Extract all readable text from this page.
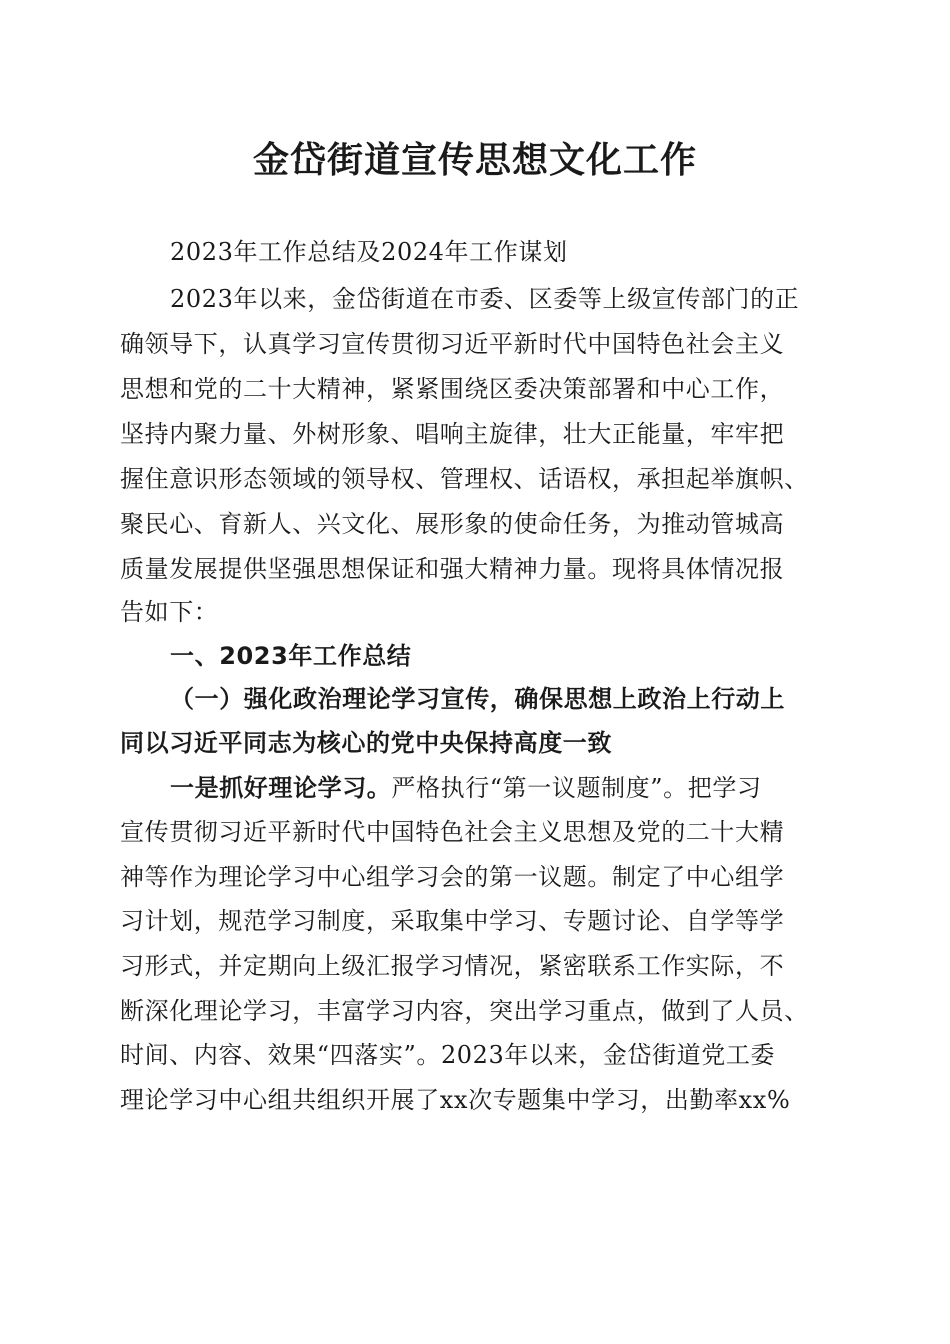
金岱街道宣传思想文化工作
2023年工作总结及2024年工作谋划
2023年以来，金岱街道在市委、区委等上级宣传部门的正
确领导下，认真学习宣传贯彻习近平新时代中国特色社会主义
思想和党的二十大精神，紧紧围绕区委决策部署和中心工作，
坚持内聚力量、外树形象、唱响主旋律，壮大正能量，牢牢把
握住意识形态领域的领导权、管理权、话语权，承担起举旗帜、
聚民心、育新人、兴文化、展形象的使命任务，为推动管城高
质量发展提供坚强思想保证和强大精神力量。现将具体情况报
告如下：
一、2023年工作总结
（一）强化政治理论学习宣传，确保思想上政治上行动上
同以习近平同志为核心的党中央保持高度一致
一是抓好理论学习。严格执行“第一议题制度”。把学习
宣传贯彻习近平新时代中国特色社会主义思想及党的二十大精
神等作为理论学习中心组学习会的第一议题。制定了中心组学
习计划，规范学习制度，采取集中学习、专题讨论、自学等学
习形式，并定期向上级汇报学习情况，紧密联系工作实际，不
断深化理论学习，丰富学习内容，突出学习重点，做到了人员、
时间、内容、效果“四落实”。2023年以来，金岱街道党工委
理论学习中心组共组织开展了xx次专题集中学习，出勤率xx%
